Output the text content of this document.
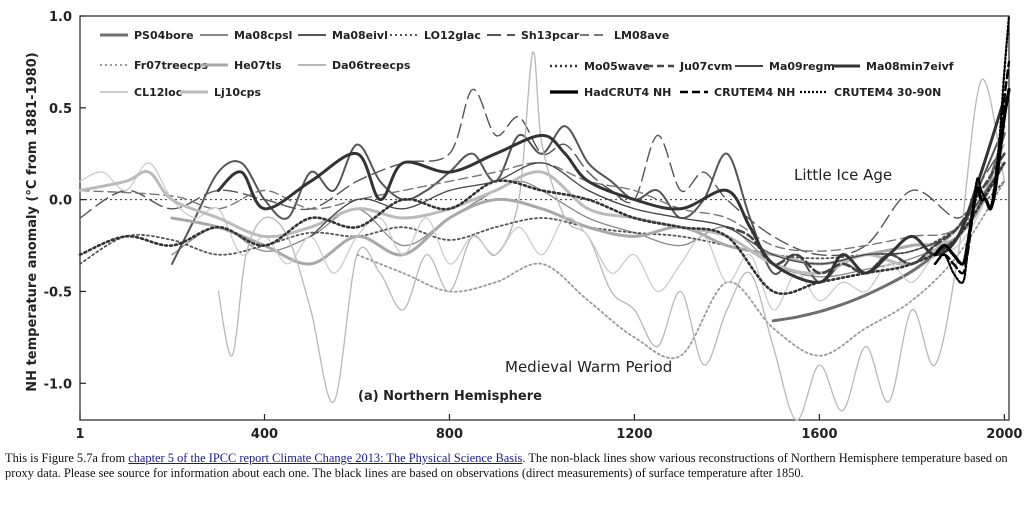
1	400	800	1200	1600	2000
-1.0
-0.5
0.0
0.5
1.0
PS04bore	Ma08cpsl	Ma08eivl	LO12glac	Sh13pcar	LM08ave
Fr07treecps He07tls	Da06treecps
CL12loc	Lj10cps
Mo05wave	Ju07cvm	Ma09regm	Ma08min7eivf
HadCRUT4 NH	CRUTEM4 NH	CRUTEM4 30-90N
NH temperature anomaly (°C from 1881-1980)
(a) Northern Hemisphere
Little Ice Age
Medieval Warm Period

This is Figure 5.7a from chapter 5 of the IPCC report Climate Change 2013: The Physical Science Basis. The non-black lines show various reconstructions of Northern Hemisphere temperature based on proxy data. Please see source for information about each one. The black lines are based on observations (direct measurements) of surface temperature after 1850.
